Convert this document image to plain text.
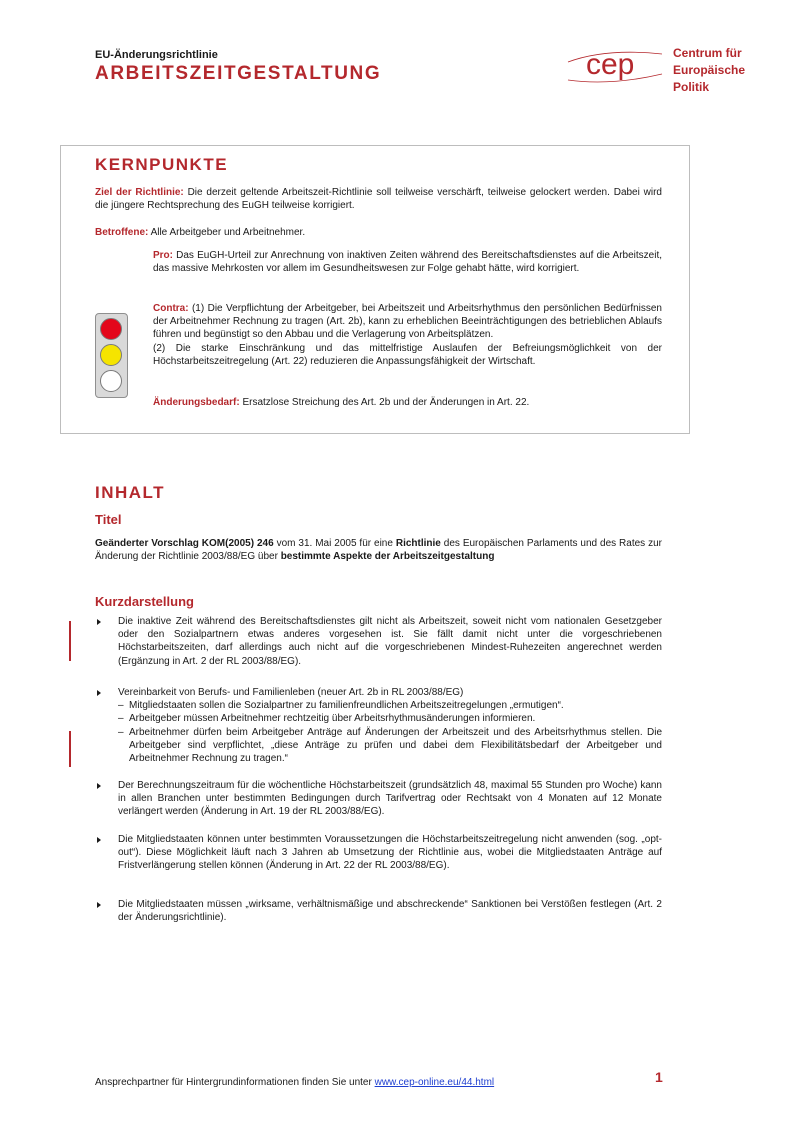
EU-Änderungsrichtlinie
ARBEITSZEITGESTALTUNG	cep	Centrum für
Europäische
Politik
KERNPUNKTE
Ziel der Richtlinie: Die derzeit geltende Arbeitszeit-Richtlinie soll teilweise verschärft, teilweise gelockert werden. Dabei wird die jüngere Rechtsprechung des EuGH teilweise korrigiert.
Betroffene: Alle Arbeitgeber und Arbeitnehmer.
Pro: Das EuGH-Urteil zur Anrechnung von inaktiven Zeiten während des Bereitschaftsdienstes auf die Arbeitszeit, das massive Mehrkosten vor allem im Gesundheitswesen zur Folge gehabt hätte, wird korrigiert.
Contra: (1) Die Verpflichtung der Arbeitgeber, bei Arbeitszeit und Arbeitsrhythmus den persönlichen Bedürfnissen der Arbeitnehmer Rechnung zu tragen (Art. 2b), kann zu erheblichen Beeinträchtigungen des betrieblichen Ablaufs führen und begünstigt so den Abbau und die Verlagerung von Arbeitsplätzen.
(2) Die starke Einschränkung und das mittelfristige Auslaufen der Befreiungsmöglichkeit von der Höchstarbeitszeitregelung (Art. 22) reduzieren die Anpassungsfähigkeit der Wirtschaft.
Änderungsbedarf: Ersatzlose Streichung des Art. 2b und der Änderungen in Art. 22.
INHALT
Titel
Geänderter Vorschlag KOM(2005) 246 vom 31. Mai 2005 für eine Richtlinie des Europäischen Parlaments und des Rates zur Änderung der Richtlinie 2003/88/EG über bestimmte Aspekte der Arbeitszeitgestaltung
Kurzdarstellung
Die inaktive Zeit während des Bereitschaftsdienstes gilt nicht als Arbeitszeit, soweit nicht vom nationalen Gesetzgeber oder den Sozialpartnern etwas anderes vorgesehen ist. Sie fällt damit nicht unter die vorgeschriebenen Höchstarbeitszeiten, darf allerdings auch nicht auf die vorgeschriebenen Mindest-Ruhezeiten angerechnet werden (Ergänzung in Art. 2 der RL 2003/88/EG).
Vereinbarkeit von Berufs- und Familienleben (neuer Art. 2b in RL 2003/88/EG)
– Mitgliedstaaten sollen die Sozialpartner zu familienfreundlichen Arbeitszeitregelungen „ermutigen“.
– Arbeitgeber müssen Arbeitnehmer rechtzeitig über Arbeitsrhythmusänderungen informieren.
– Arbeitnehmer dürfen beim Arbeitgeber Anträge auf Änderungen der Arbeitszeit und des Arbeitsrhythmus stellen. Die Arbeitgeber sind verpflichtet, „diese Anträge zu prüfen und dabei dem Flexibilitätsbedarf der Arbeitgeber und Arbeitnehmer Rechnung zu tragen.“
Der Berechnungszeitraum für die wöchentliche Höchstarbeitszeit (grundsätzlich 48, maximal 55 Stunden pro Woche) kann in allen Branchen unter bestimmten Bedingungen durch Tarifvertrag oder Rechtsakt von 4 Monaten auf 12 Monate verlängert werden (Änderung in Art. 19 der RL 2003/88/EG).
Die Mitgliedstaaten können unter bestimmten Voraussetzungen die Höchstarbeitszeitregelung nicht anwenden (sog. „opt-out“). Diese Möglichkeit läuft nach 3 Jahren ab Umsetzung der Richtlinie aus, wobei die Mitgliedstaaten Anträge auf Fristverlängerung stellen können (Änderung in Art. 22 der RL 2003/88/EG).
Die Mitgliedstaaten müssen „wirksame, verhältnismäßige und abschreckende“ Sanktionen bei Verstößen festlegen (Art. 2 der Änderungsrichtlinie).
Ansprechpartner für Hintergrundinformationen finden Sie unter www.cep-online.eu/44.html	1
